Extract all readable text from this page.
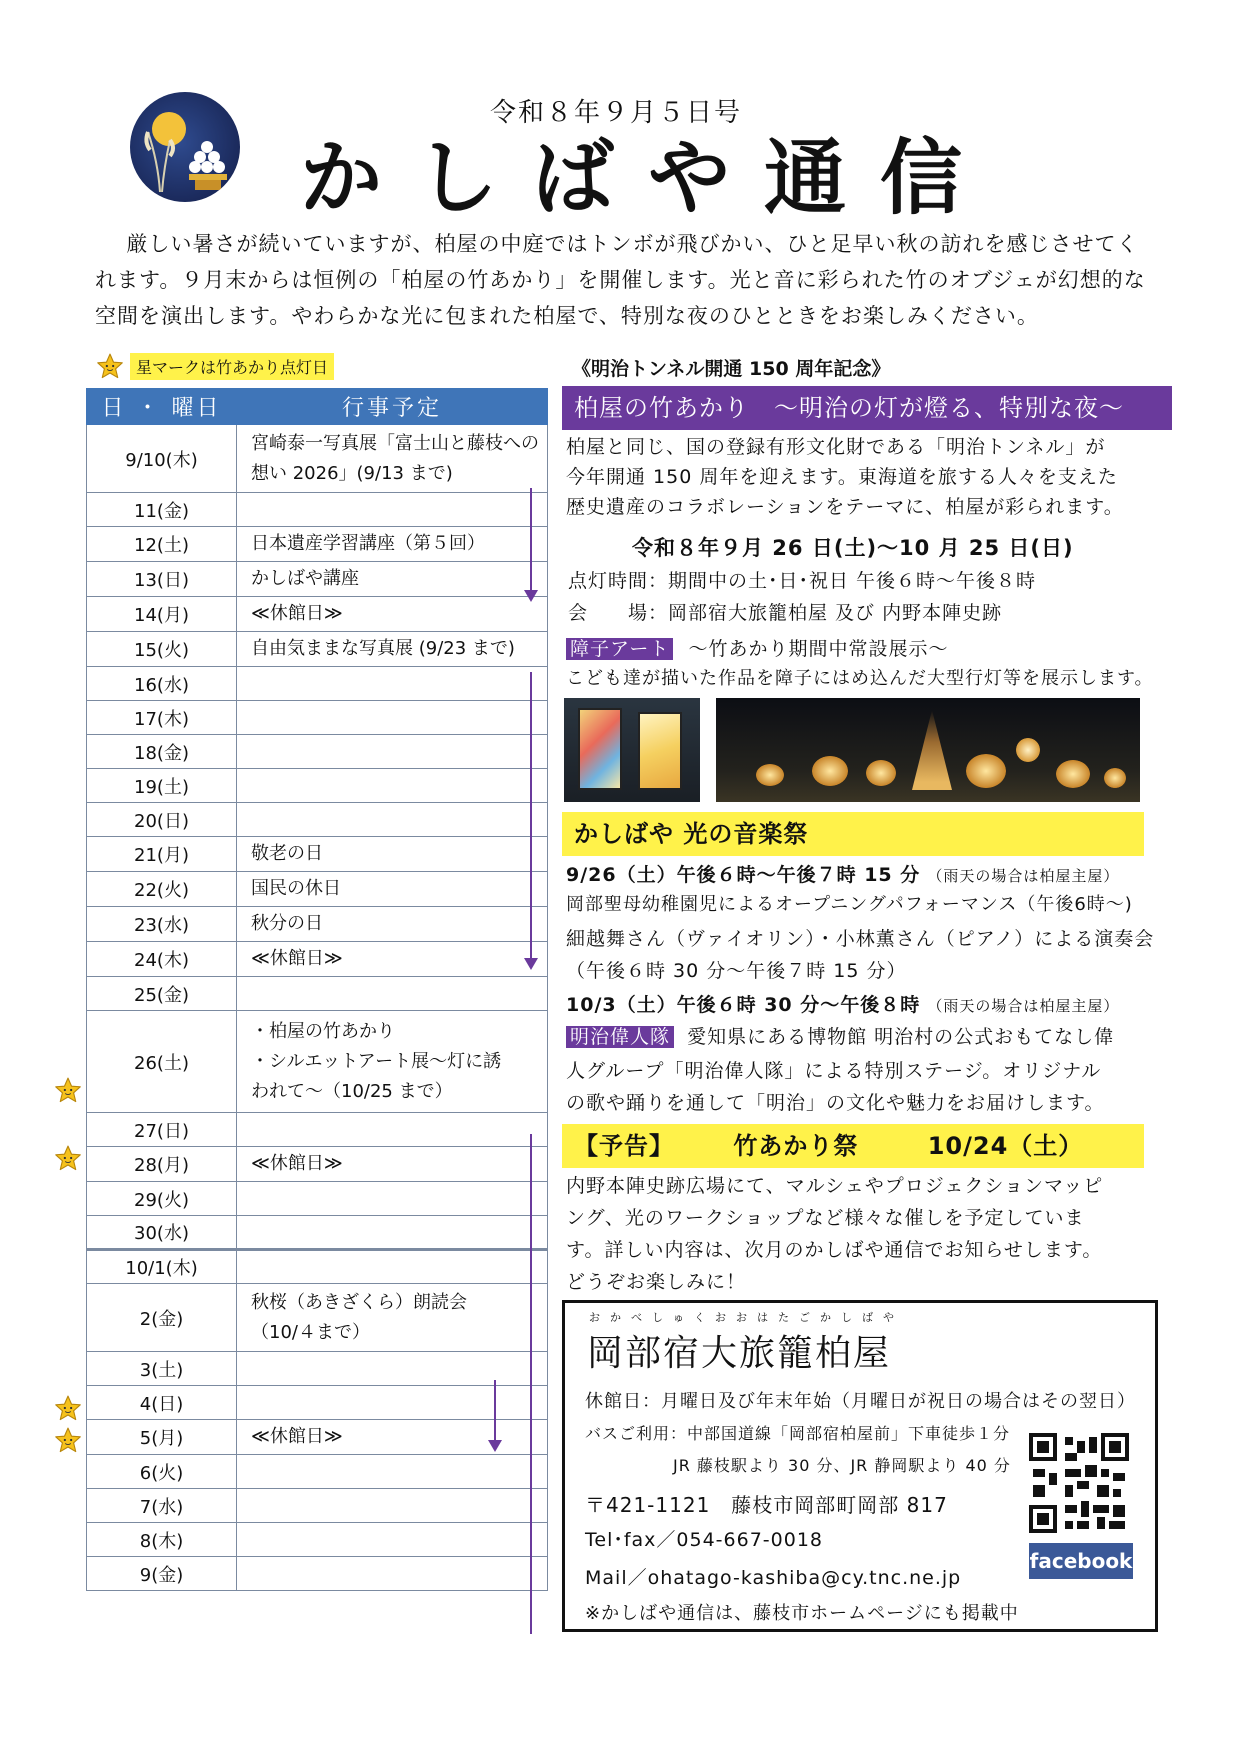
令和８年９月５日号
かしばや通信

厳しい暑さが続いていますが、柏屋の中庭ではトンボが飛びかい、ひと足早い秋の訪れを感じさせてくれます。９月末からは恒例の「柏屋の竹あかり」を開催します。光と音に彩られた竹のオブジェが幻想的な空間を演出します。やわらかな光に包まれた柏屋で、特別な夜のひとときをお楽しみください。

星マークは竹あかり点灯日
日 ・ 曜日	行事予定
9/10(木)	宮崎泰一写真展「富士山と藤枝への想い 2026」(9/13 まで)
11(金)	
12(土)	日本遺産学習講座（第５回）
13(日)	かしばや講座
14(月)	≪休館日≫
15(火)	自由気ままな写真展 (9/23 まで)
16(水)	
17(木)	
18(金)	
19(土)	
20(日)	
21(月)	敬老の日
22(火)	国民の休日
23(水)	秋分の日
24(木)	≪休館日≫
25(金)	
26(土)	・柏屋の竹あかり
・シルエットアート展～灯に誘
われて～（10/25 まで）

27(日)	
28(月)	≪休館日≫
29(火)	
30(水)	
10/1(木)	
2(金)	秋桜（あきざくら）朗読会
（10/４まで）

3(土)	
4(日)	
5(月)	≪休館日≫
6(火)	
7(水)	
8(木)	
9(金)	
《明治トンネル開通 150 周年記念》
柏屋の竹あかり　～明治の灯が燈る、特別な夜～
柏屋と同じ、国の登録有形文化財である「明治トンネル」が
今年開通 150 周年を迎えます。東海道を旅する人々を支えた
歴史遺産のコラボレーションをテーマに、柏屋が彩られます。
令和８年９月 26 日(土)～10 月 25 日(日)
点灯時間：期間中の土･日･祝日 午後６時～午後８時
会　　場：岡部宿大旅籠柏屋 及び 内野本陣史跡
障子アート ～竹あかり期間中常設展示～
こども達が描いた作品を障子にはめ込んだ大型行灯等を展示します。
かしばや 光の音楽祭
9/26（土）午後６時～午後７時 15 分 （雨天の場合は柏屋主屋）
岡部聖母幼稚園児によるオープニングパフォーマンス（午後6時～)
細越舞さん（ヴァイオリン）・小林薫さん（ピアノ）による演奏会
（午後６時 30 分～午後７時 15 分）
10/3（土）午後６時 30 分～午後８時 （雨天の場合は柏屋主屋）
明治偉人隊 愛知県にある博物館 明治村の公式おもてなし偉
人グループ「明治偉人隊」による特別ステージ。オリジナル
の歌や踊りを通して「明治」の文化や魅力をお届けします。
【予告】 竹あかり祭	10/24（土）
内野本陣史跡広場にて、マルシェやプロジェクションマッピ
ング、光のワークショップなど様々な催しを予定していま
す。詳しい内容は、次月のかしばや通信でお知らせします。
どうぞお楽しみに！
おかべしゅくおおはたごかしばや
岡部宿大旅籠柏屋
休館日：月曜日及び年末年始（月曜日が祝日の場合はその翌日）
バスご利用：中部国道線「岡部宿柏屋前」下車徒歩１分
JR 藤枝駅より 30 分、JR 静岡駅より 40 分
〒421-1121　藤枝市岡部町岡部 817
Tel･fax／054-667-0018
Mail／ohatago-kashiba@cy.tnc.ne.jp
※かしばや通信は、藤枝市ホームページにも掲載中
facebook
